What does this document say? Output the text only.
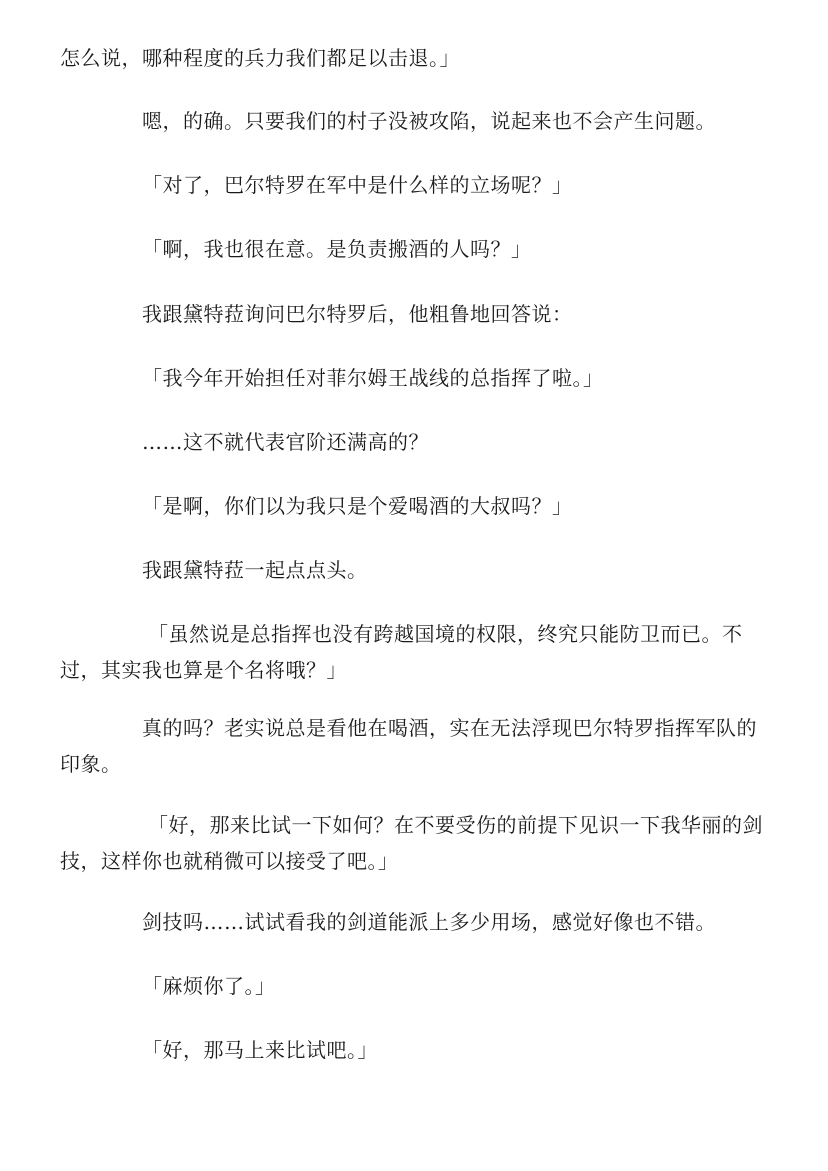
怎么说，哪种程度的兵力我们都足以击退。」

嗯，的确。只要我们的村子没被攻陷，说起来也不会产生问题。

「对了，巴尔特罗在军中是什么样的立场呢？」

「啊，我也很在意。是负责搬酒的人吗？」

我跟黛特菈询问巴尔特罗后，他粗鲁地回答说：

「我今年开始担任对菲尔姆王战线的总指挥了啦。」

……这不就代表官阶还满高的？

「是啊，你们以为我只是个爱喝酒的大叔吗？」

我跟黛特菈一起点点头。

「虽然说是总指挥也没有跨越国境的权限，终究只能防卫而已。不过，其实我也算是个名将哦？」

真的吗？老实说总是看他在喝酒，实在无法浮现巴尔特罗指挥军队的印象。

「好，那来比试一下如何？在不要受伤的前提下见识一下我华丽的剑技，这样你也就稍微可以接受了吧。」

剑技吗……试试看我的剑道能派上多少用场，感觉好像也不错。

「麻烦你了。」

「好，那马上来比试吧。」
